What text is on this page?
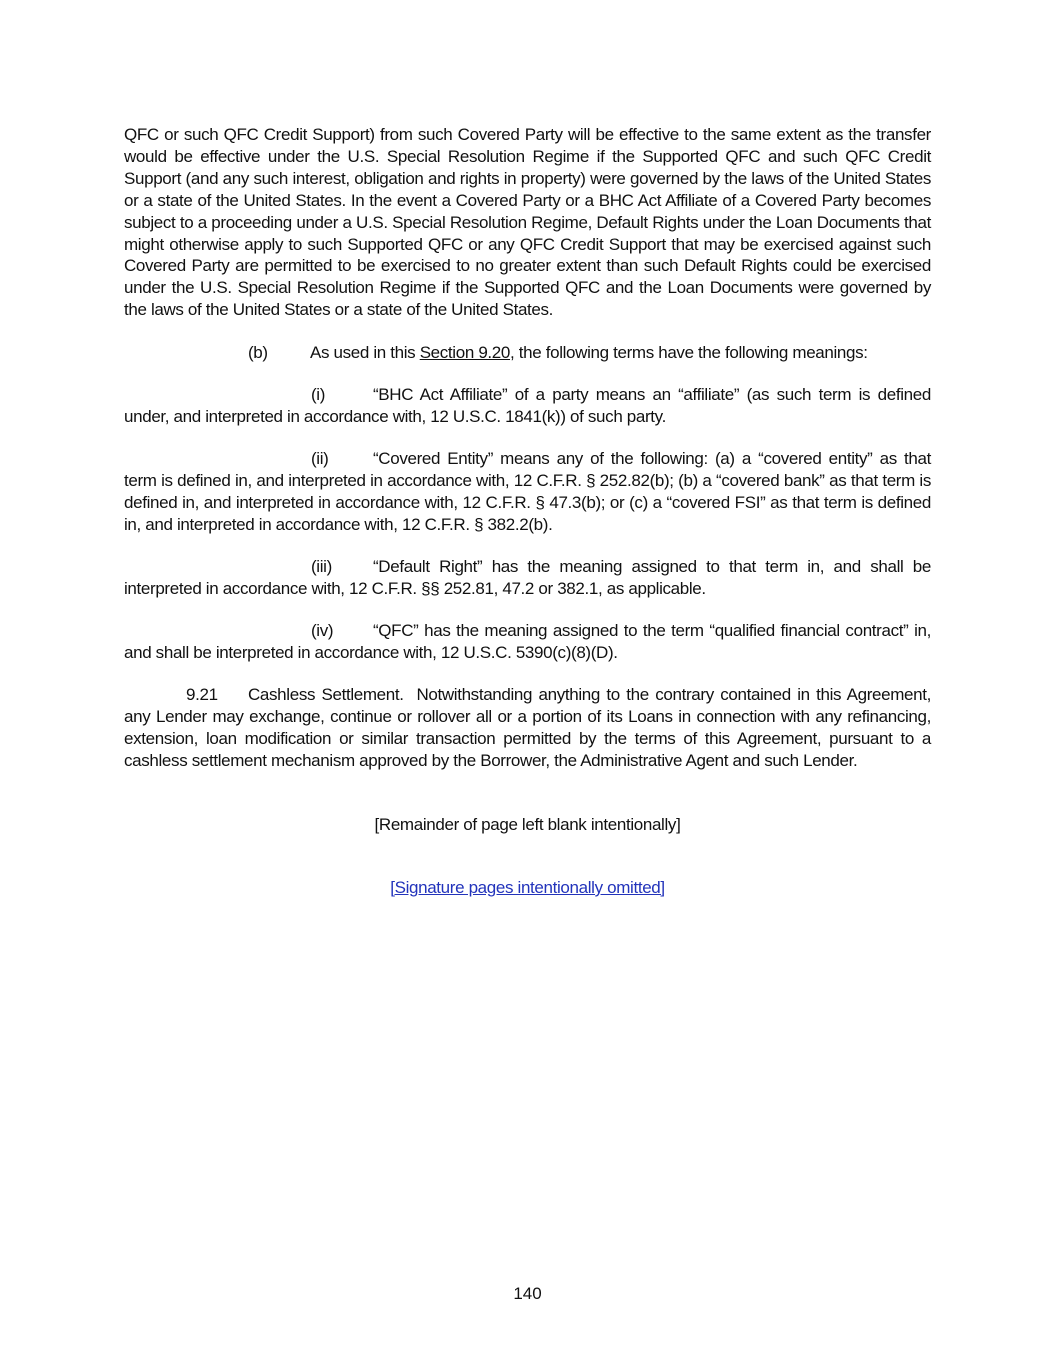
QFC or such QFC Credit Support) from such Covered Party will be effective to the same extent as the transfer would be effective under the U.S. Special Resolution Regime if the Supported QFC and such QFC Credit Support (and any such interest, obligation and rights in property) were governed by the laws of the United States or a state of the United States. In the event a Covered Party or a BHC Act Affiliate of a Covered Party becomes subject to a proceeding under a U.S. Special Resolution Regime, Default Rights under the Loan Documents that might otherwise apply to such Supported QFC or any QFC Credit Support that may be exercised against such Covered Party are permitted to be exercised to no greater extent than such Default Rights could be exercised under the U.S. Special Resolution Regime if the Supported QFC and the Loan Documents were governed by the laws of the United States or a state of the United States.

(b) As used in this Section 9.20, the following terms have the following meanings:

(i)	“BHC Act Affiliate” of a party means an “affiliate” (as such term is defined under, and interpreted in accordance with, 12 U.S.C. 1841(k)) of such party.

(ii)	“Covered Entity” means any of the following: (a) a “covered entity” as that term is defined in, and interpreted in accordance with, 12 C.F.R. § 252.82(b); (b) a “covered bank” as that term is defined in, and interpreted in accordance with, 12 C.F.R. § 47.3(b); or (c) a “covered FSI” as that term is defined in, and interpreted in accordance with, 12 C.F.R. § 382.2(b).

(iii) “Default Right” has the meaning assigned to that term in, and shall be interpreted in accordance with, 12 C.F.R. §§ 252.81, 47.2 or 382.1, as applicable.

(iv) “QFC” has the meaning assigned to the term “qualified financial contract” in, and shall be interpreted in accordance with, 12 U.S.C. 5390(c)(8)(D).

9.21 Cashless Settlement. Notwithstanding anything to the contrary contained in this Agreement, any Lender may exchange, continue or rollover all or a portion of its Loans in connection with any refinancing, extension, loan modification or similar transaction permitted by the terms of this Agreement, pursuant to a cashless settlement mechanism approved by the Borrower, the Administrative Agent and such Lender.

[Remainder of page left blank intentionally]
[Signature pages intentionally omitted]
140
